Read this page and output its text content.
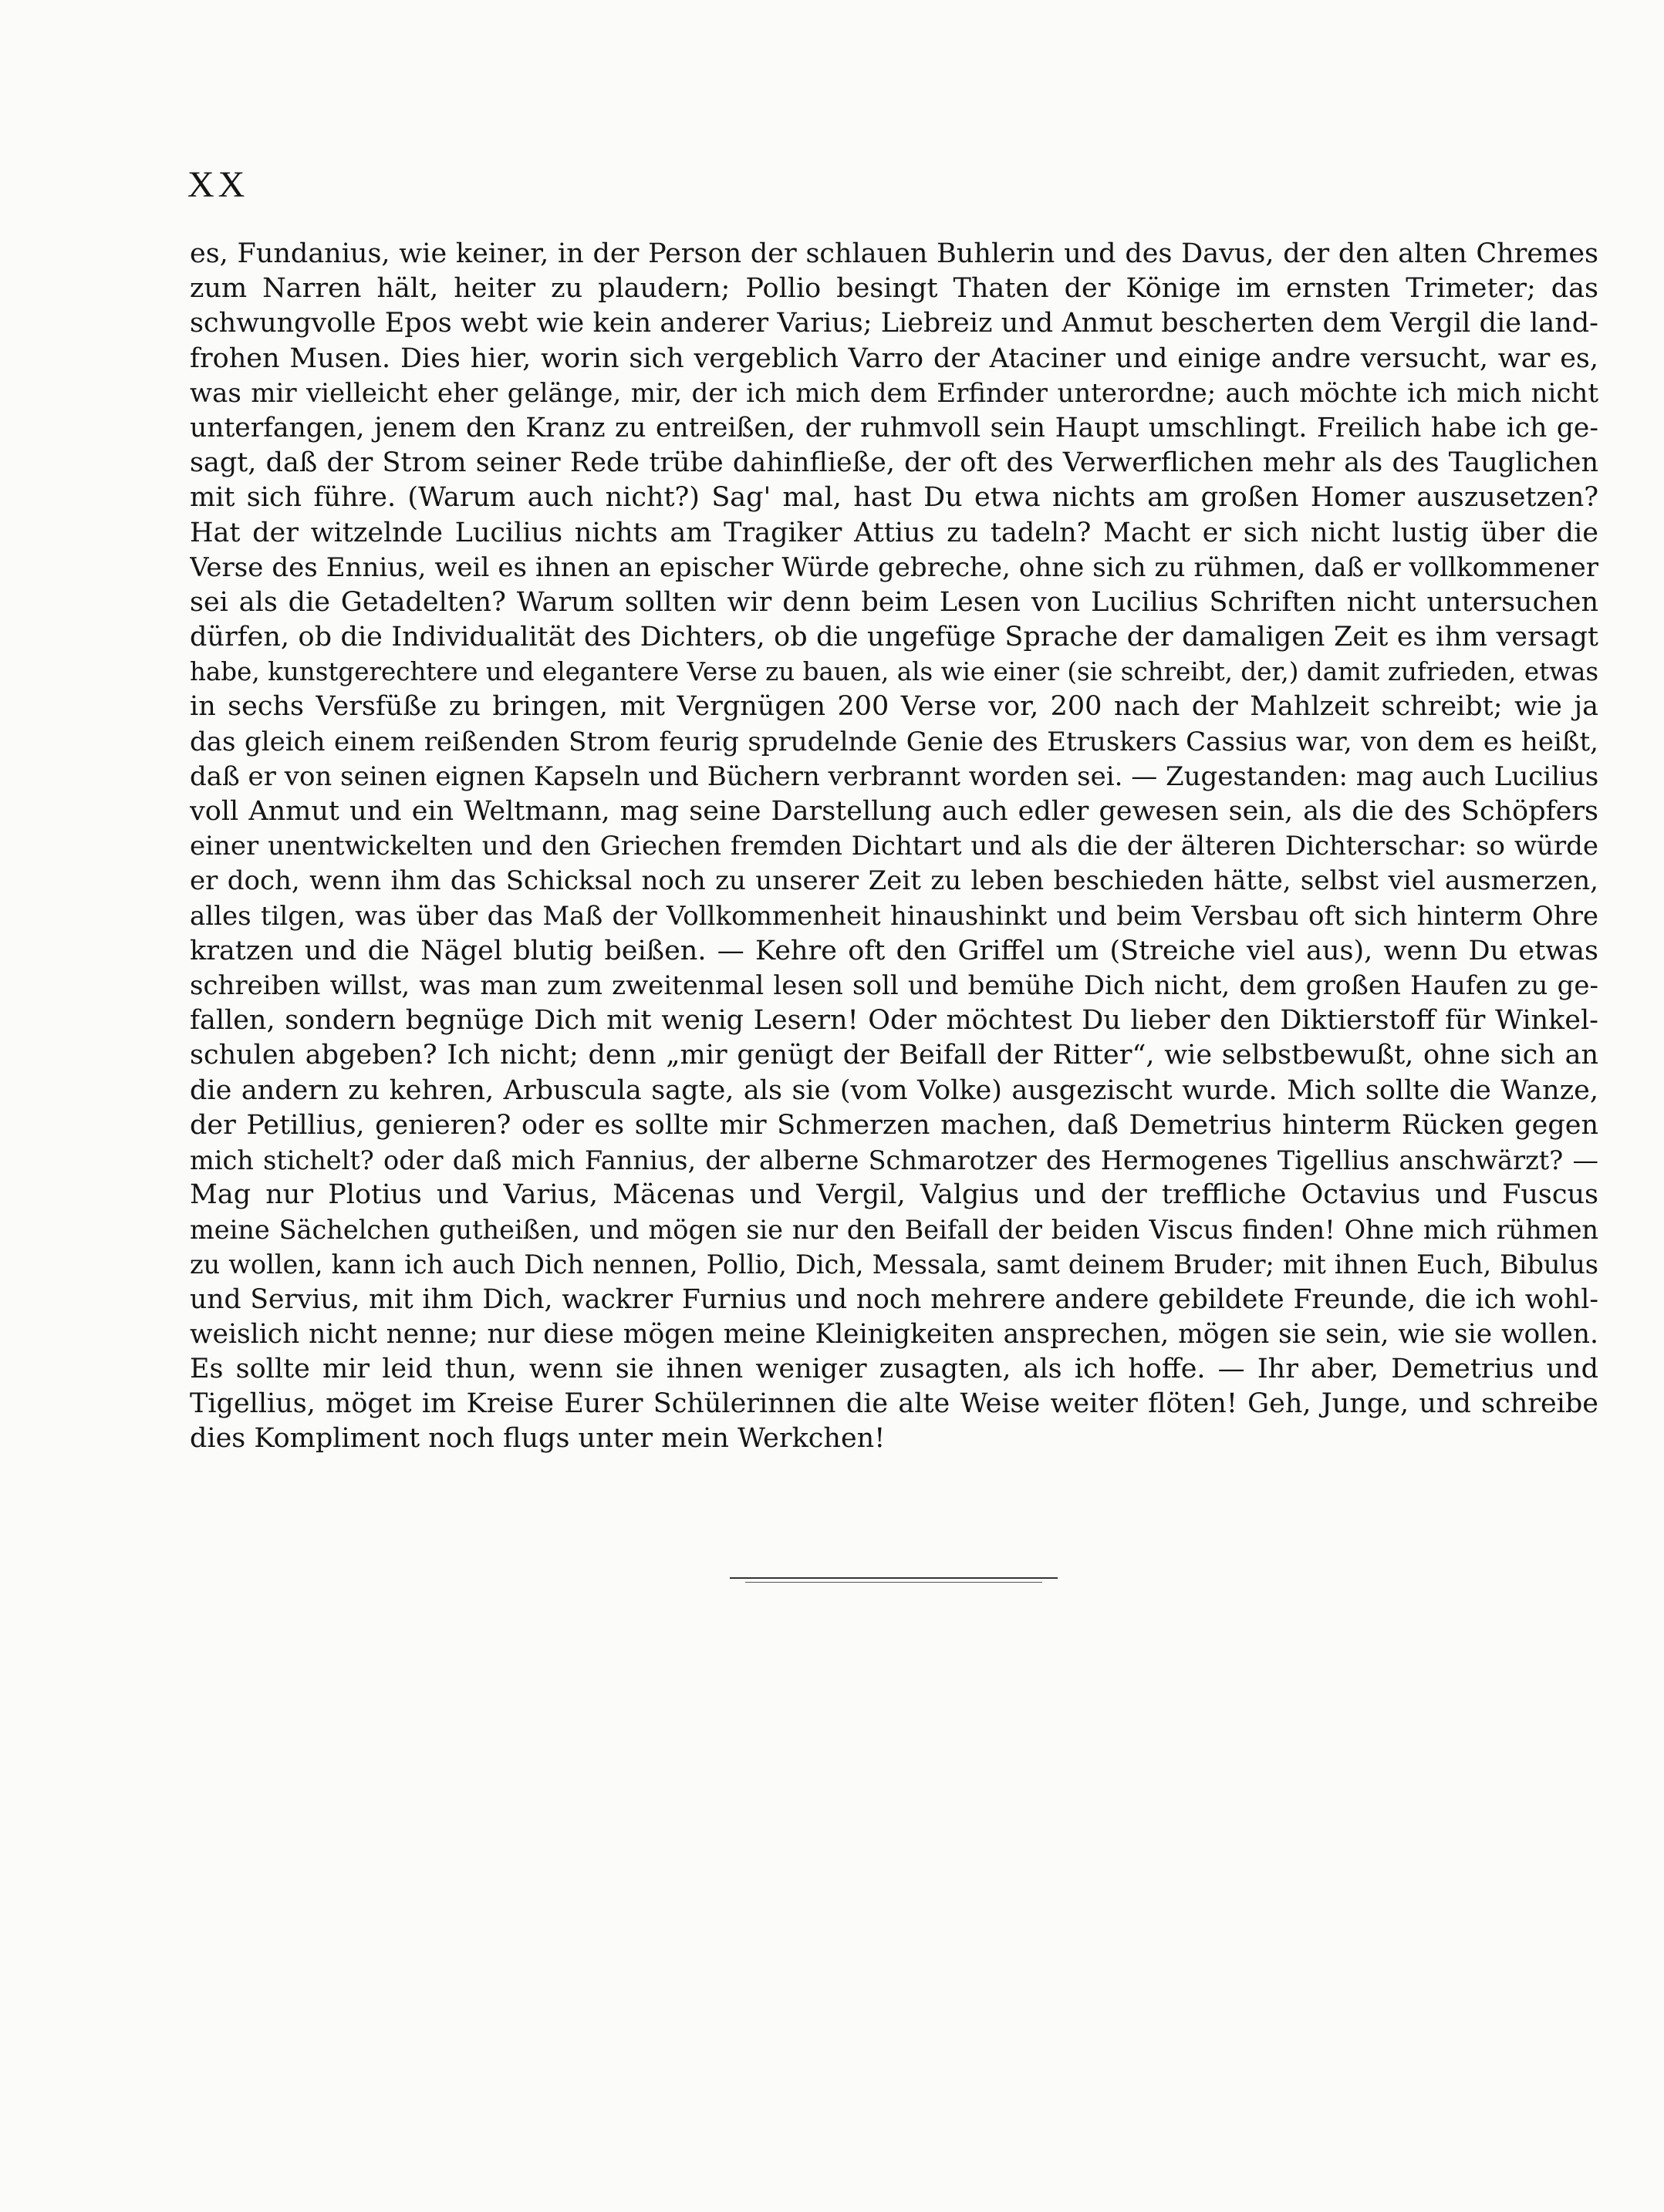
XX
es, Fundanius, wie keiner, in der Person der schlauen Buhlerin und des Davus, der den alten Chremes
zum Narren hält, heiter zu plaudern; Pollio besingt Thaten der Könige im ernsten Trimeter; das
schwungvolle Epos webt wie kein anderer Varius; Liebreiz und Anmut bescherten dem Vergil die land-
frohen Musen. Dies hier, worin sich vergeblich Varro der Ataciner und einige andre versucht, war es,
was mir vielleicht eher gelänge, mir, der ich mich dem Erfinder unterordne; auch möchte ich mich nicht
unterfangen, jenem den Kranz zu entreißen, der ruhmvoll sein Haupt umschlingt. Freilich habe ich ge-
sagt, daß der Strom seiner Rede trübe dahinfließe, der oft des Verwerflichen mehr als des Tauglichen
mit sich führe. (Warum auch nicht?) Sag' mal, hast Du etwa nichts am großen Homer auszusetzen?
Hat der witzelnde Lucilius nichts am Tragiker Attius zu tadeln? Macht er sich nicht lustig über die
Verse des Ennius, weil es ihnen an epischer Würde gebreche, ohne sich zu rühmen, daß er vollkommener
sei als die Getadelten? Warum sollten wir denn beim Lesen von Lucilius Schriften nicht untersuchen
dürfen, ob die Individualität des Dichters, ob die ungefüge Sprache der damaligen Zeit es ihm versagt
habe, kunstgerechtere und elegantere Verse zu bauen, als wie einer (sie schreibt, der,) damit zufrieden, etwas
in sechs Versfüße zu bringen, mit Vergnügen 200 Verse vor, 200 nach der Mahlzeit schreibt; wie ja
das gleich einem reißenden Strom feurig sprudelnde Genie des Etruskers Cassius war, von dem es heißt,
daß er von seinen eignen Kapseln und Büchern verbrannt worden sei. — Zugestanden: mag auch Lucilius
voll Anmut und ein Weltmann, mag seine Darstellung auch edler gewesen sein, als die des Schöpfers
einer unentwickelten und den Griechen fremden Dichtart und als die der älteren Dichterschar: so würde
er doch, wenn ihm das Schicksal noch zu unserer Zeit zu leben beschieden hätte, selbst viel ausmerzen,
alles tilgen, was über das Maß der Vollkommenheit hinaushinkt und beim Versbau oft sich hinterm Ohre
kratzen und die Nägel blutig beißen. — Kehre oft den Griffel um (Streiche viel aus), wenn Du etwas
schreiben willst, was man zum zweitenmal lesen soll und bemühe Dich nicht, dem großen Haufen zu ge-
fallen, sondern begnüge Dich mit wenig Lesern! Oder möchtest Du lieber den Diktierstoff für Winkel-
schulen abgeben? Ich nicht; denn „mir genügt der Beifall der Ritter“, wie selbstbewußt, ohne sich an
die andern zu kehren, Arbuscula sagte, als sie (vom Volke) ausgezischt wurde. Mich sollte die Wanze,
der Petillius, genieren? oder es sollte mir Schmerzen machen, daß Demetrius hinterm Rücken gegen
mich stichelt? oder daß mich Fannius, der alberne Schmarotzer des Hermogenes Tigellius anschwärzt? —
Mag nur Plotius und Varius, Mäcenas und Vergil, Valgius und der treffliche Octavius und Fuscus
meine Sächelchen gutheißen, und mögen sie nur den Beifall der beiden Viscus finden! Ohne mich rühmen
zu wollen, kann ich auch Dich nennen, Pollio, Dich, Messala, samt deinem Bruder; mit ihnen Euch, Bibulus
und Servius, mit ihm Dich, wackrer Furnius und noch mehrere andere gebildete Freunde, die ich wohl-
weislich nicht nenne; nur diese mögen meine Kleinigkeiten ansprechen, mögen sie sein, wie sie wollen.
Es sollte mir leid thun, wenn sie ihnen weniger zusagten, als ich hoffe. — Ihr aber, Demetrius und
Tigellius, möget im Kreise Eurer Schülerinnen die alte Weise weiter flöten! Geh, Junge, und schreibe
dies Kompliment noch flugs unter mein Werkchen!
